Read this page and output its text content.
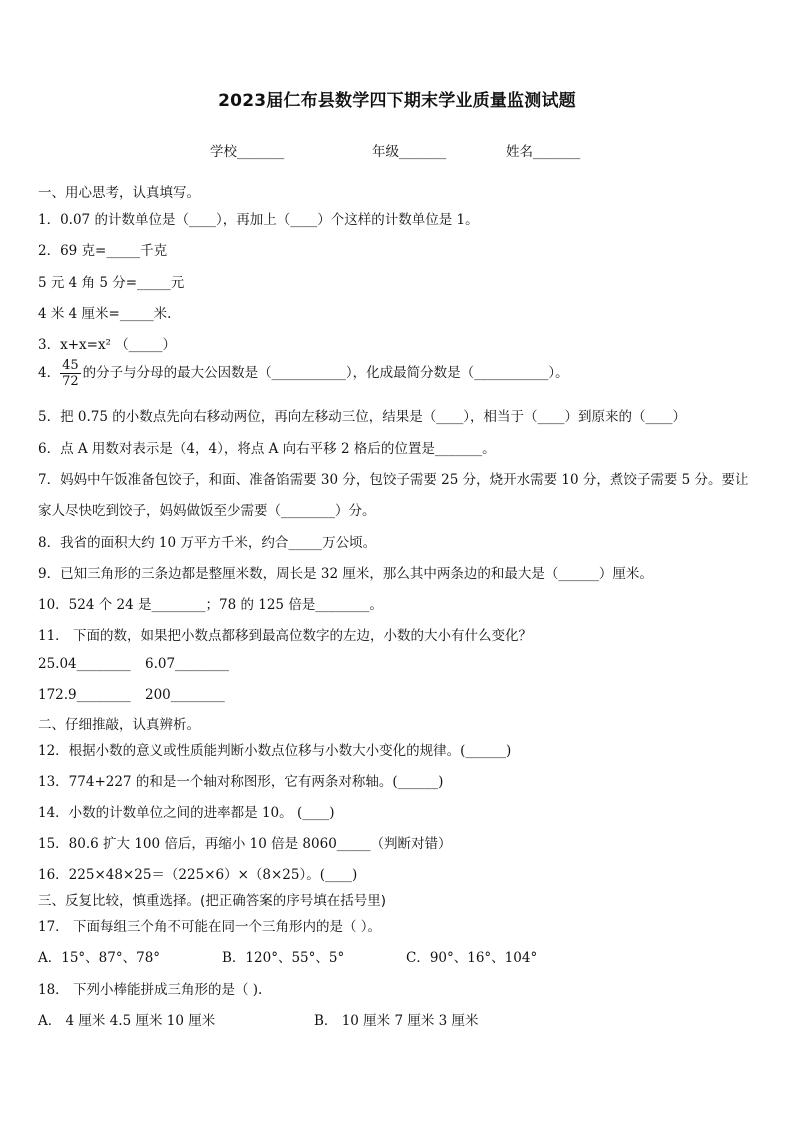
2023届仁布县数学四下期末学业质量监测试题
学校_______	年级_______	姓名_______
一、用心思考，认真填写。
1．0.07 的计数单位是（____），再加上（____）个这样的计数单位是 1。
2．69 克=_____千克
5 元 4 角 5 分=_____元
4 米 4 厘米=_____米.
3．x+x=x² （_____）
4． $\frac{45}{72}$ 的分子与分母的最大公因数是（___________），化成最简分数是（___________）。
5．把 0.75 的小数点先向右移动两位，再向左移动三位，结果是（____），相当于（____）到原来的（____）
6．点 A 用数对表示是（4，4），将点 A 向右平移 2 格后的位置是_______。
7．妈妈中午饭准备包饺子，和面、准备馅需要 30 分，包饺子需要 25 分，烧开水需要 10 分，煮饺子需要 5 分。要让
家人尽快吃到饺子，妈妈做饭至少需要（________）分。
8．我省的面积大约 10 万平方千米，约合_____万公顷。
9．已知三角形的三条边都是整厘米数，周长是 32 厘米，那么其中两条边的和最大是（______）厘米。
10．524 个 24 是________；78 的 125 倍是________。
11． 下面的数，如果把小数点都移到最高位数字的左边，小数的大小有什么变化？
25.04________ 6.07________
172.9________ 200________
二、仔细推敲，认真辨析。
12．根据小数的意义或性质能判断小数点位移与小数大小变化的规律。(______)
13．774+227 的和是一个轴对称图形，它有两条对称轴。(______)
14．小数的计数单位之间的进率都是 10。 (____)
15．80.6 扩大 100 倍后，再缩小 10 倍是 8060_____（判断对错）
16．225×48×25＝（225×6）×（8×25）。(____)
三、反复比较，慎重选择。(把正确答案的序号填在括号里)
17． 下面每组三个角不可能在同一个三角形内的是（ ）。
A．15°、87°、78°	B．120°、55°、5°	C．90°、16°、104°
18． 下列小棒能拼成三角形的是（ ).
A． 4 厘米 4.5 厘米 10 厘米	B． 10 厘米 7 厘米 3 厘米
